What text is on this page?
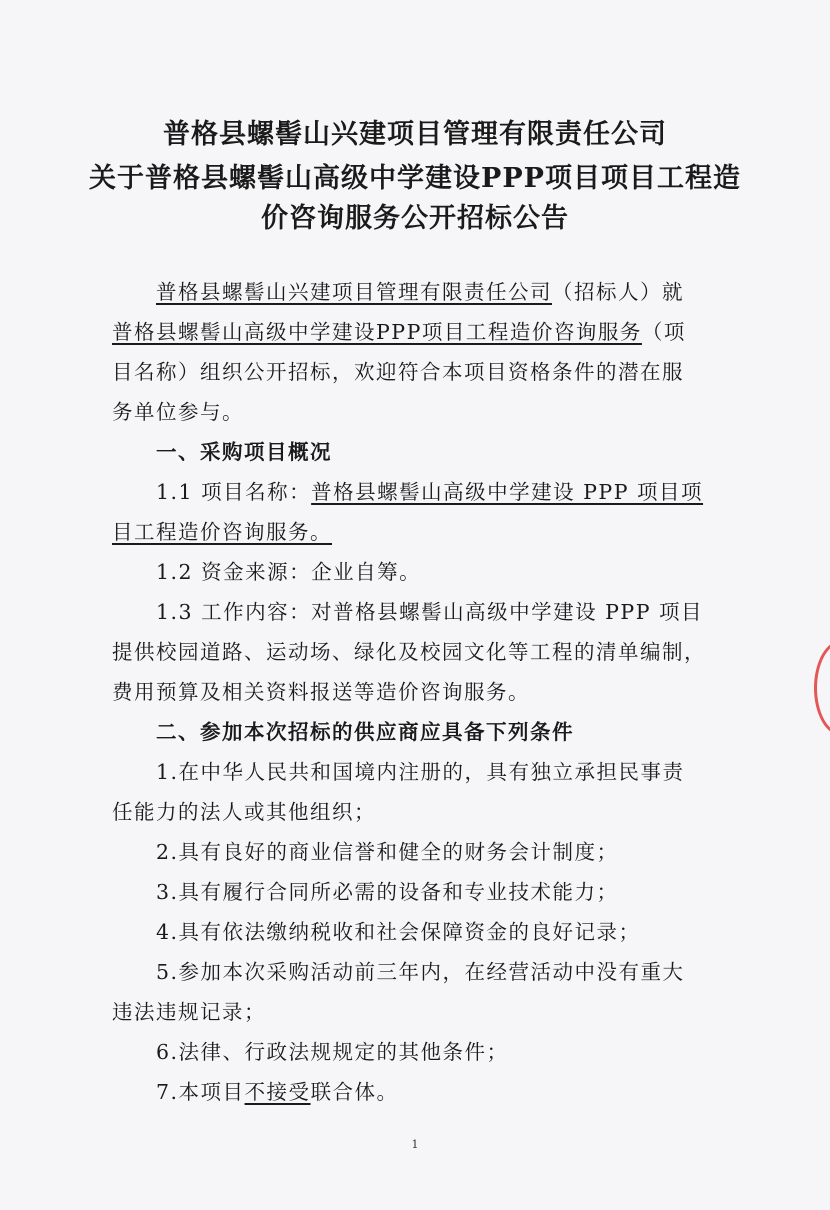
普格县螺髻山兴建项目管理有限责任公司
关于普格县螺髻山高级中学建设PPP项目项目工程造
价咨询服务公开招标公告

普格县螺髻山兴建项目管理有限责任公司（招标人）就

普格县螺髻山高级中学建设PPP项目工程造价咨询服务（项

目名称）组织公开招标，欢迎符合本项目资格条件的潜在服

务单位参与。

一、采购项目概况

1.1 项目名称：普格县螺髻山高级中学建设 PPP 项目项

目工程造价咨询服务。

1.2 资金来源：企业自筹。

1.3 工作内容：对普格县螺髻山高级中学建设 PPP 项目

提供校园道路、运动场、绿化及校园文化等工程的清单编制，

费用预算及相关资料报送等造价咨询服务。

二、参加本次招标的供应商应具备下列条件

1.在中华人民共和国境内注册的，具有独立承担民事责

任能力的法人或其他组织；

2.具有良好的商业信誉和健全的财务会计制度；

3.具有履行合同所必需的设备和专业技术能力；

4.具有依法缴纳税收和社会保障资金的良好记录；

5.参加本次采购活动前三年内，在经营活动中没有重大

违法违规记录；

6.法律、行政法规规定的其他条件；

7.本项目不接受联合体。

1
